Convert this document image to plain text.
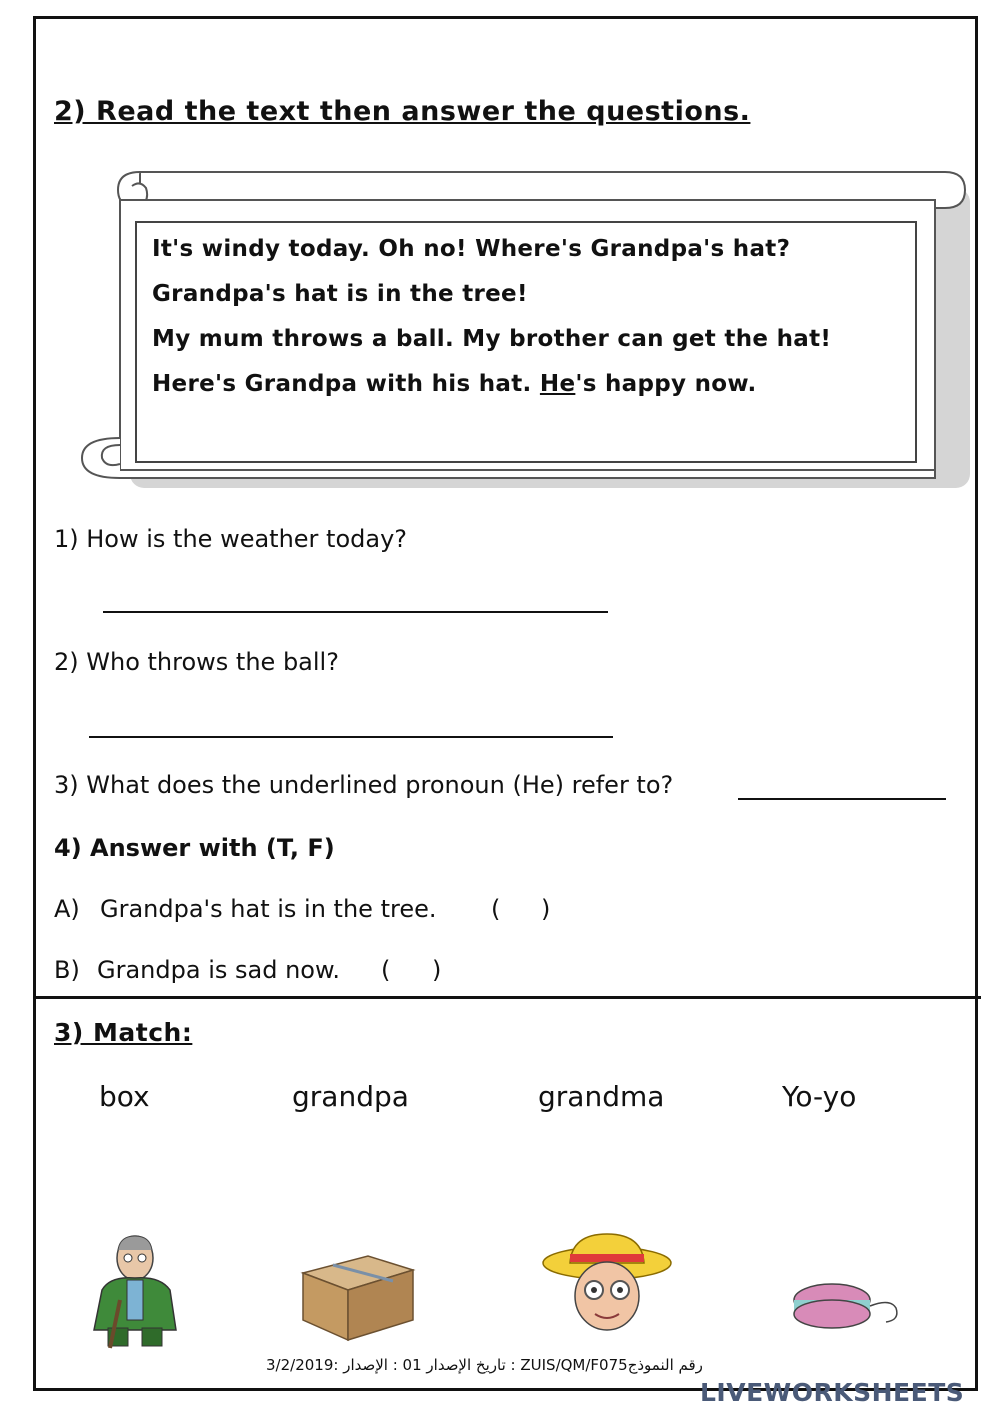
2) Read the text then answer the questions.
It's windy today. Oh no! Where's Grandpa's hat?
Grandpa's hat is in the tree!
My mum throws a ball. My brother can get the hat!
Here's Grandpa with his hat. He's happy now.
1) How is the weather today?
2) Who throws the ball?
3) What does the underlined pronoun (He) refer to?
4) Answer with (T, F)
A) Grandpa's hat is in the tree. ( )
B) Grandpa is sad now. ( )
3) Match:
box	grandpa	grandma	Yo-yo
3/2/2019: تاريخ الإصدار 01 : الإصدار : ZUIS/QM/F075رقم النموذج
LIVEWORKSHEETS
